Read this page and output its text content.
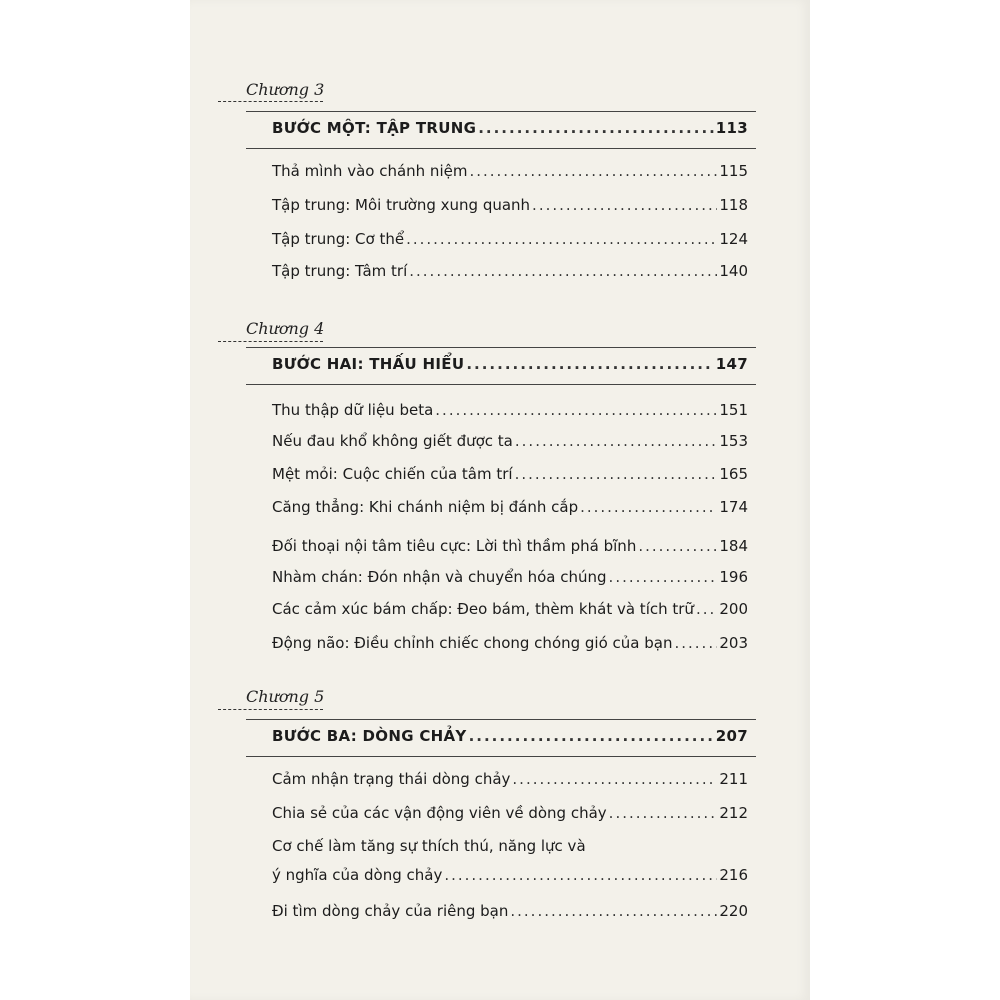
Chương 3
BƯỚC MỘT: TẬP TRUNG .....	113
Thả mình vào chánh niệm .....	115
Tập trung: Môi trường xung quanh .....	118
Tập trung: Cơ thể .....	124
Tập trung: Tâm trí .....	140
Chương 4
BƯỚC HAI: THẤU HIỂU .....	147
Thu thập dữ liệu beta .....	151
Nếu đau khổ không giết được ta .....	153
Mệt mỏi: Cuộc chiến của tâm trí .....	165
Căng thẳng: Khi chánh niệm bị đánh cắp .....	174
Đối thoại nội tâm tiêu cực: Lời thì thầm phá bĩnh .....	184
Nhàm chán: Đón nhận và chuyển hóa chúng .....	196
Các cảm xúc bám chấp: Đeo bám, thèm khát và tích trữ ..... 200
Động não: Điều chỉnh chiếc chong chóng gió của bạn .....	203
Chương 5
BƯỚC BA: DÒNG CHẢY .....	207
Cảm nhận trạng thái dòng chảy .....	211
Chia sẻ của các vận động viên về dòng chảy .....	212
Cơ chế làm tăng sự thích thú, năng lực và
ý nghĩa của dòng chảy .....	216
Đi tìm dòng chảy của riêng bạn .....	220
